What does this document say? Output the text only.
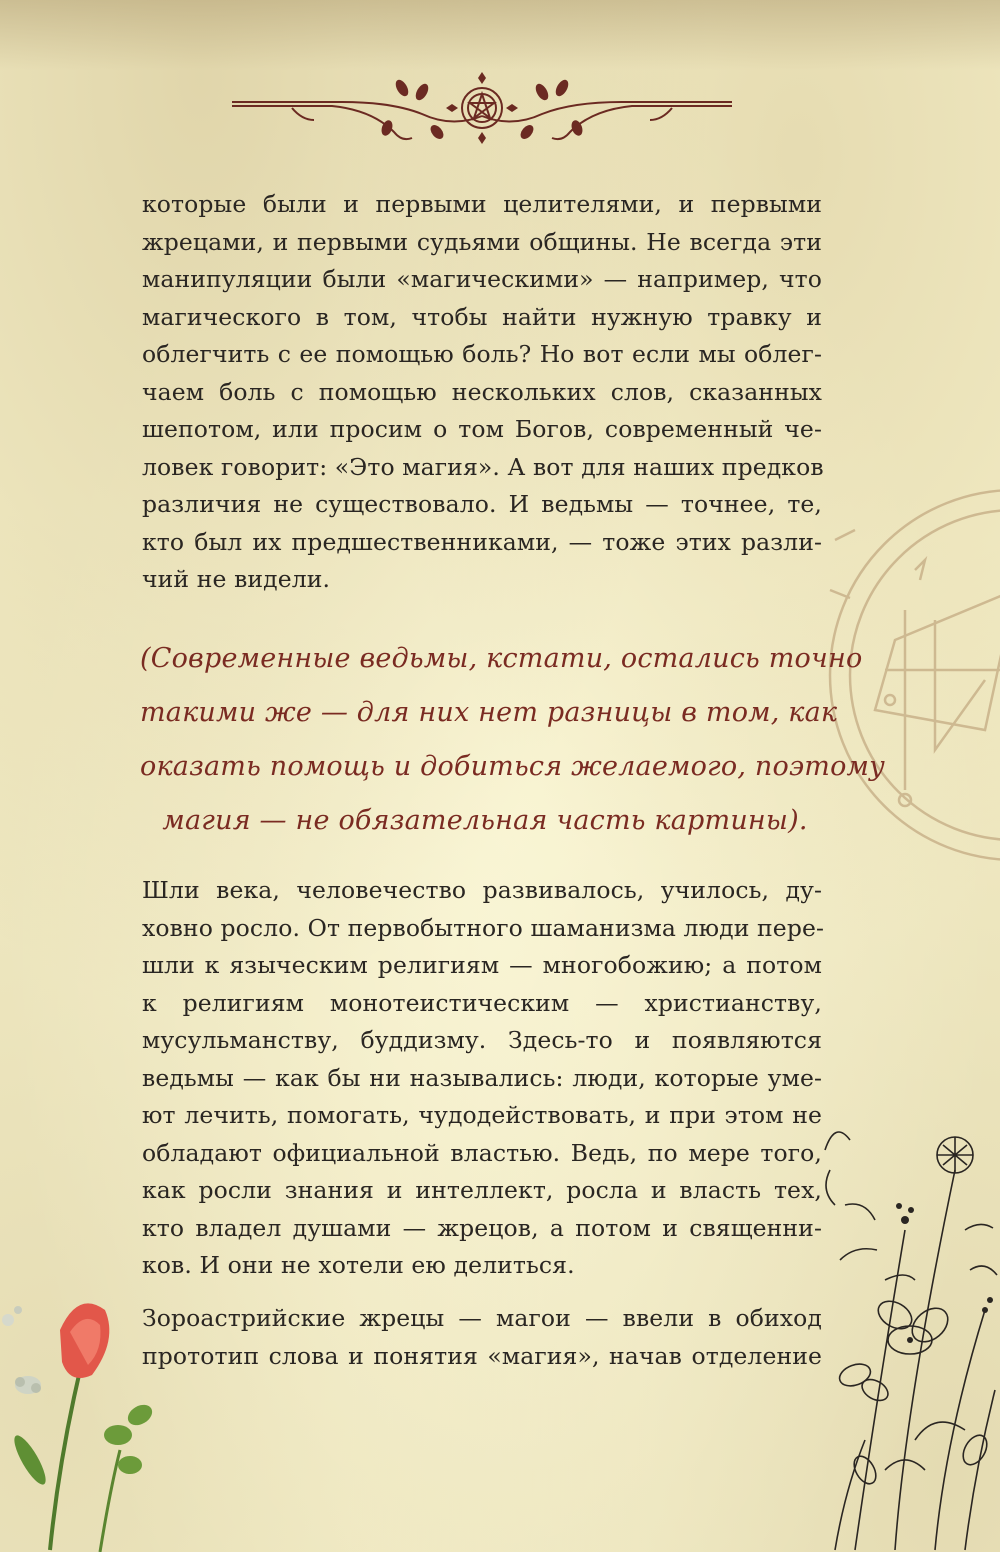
которые были и первыми целителями, и первыми
жрецами, и первыми судьями общины. Не всегда эти
манипуляции были «магическими» — например, что
магического в том, чтобы найти нужную травку и
облегчить с ее помощью боль? Но вот если мы облег-
чаем боль с помощью нескольких слов, сказанных
шепотом, или просим о том Богов, современный че-
ловек говорит: «Это магия». А вот для наших предков
различия не существовало. И ведьмы — точнее, те,
кто был их предшественниками, — тоже этих разли-
чий не видели.

(Современные ведьмы, кстати, остались точно
такими же — для них нет разницы в том, как
оказать помощь и добиться желаемого, поэтому
магия — не обязательная часть картины).

Шли века, человечество развивалось, училось, ду-
ховно росло. От первобытного шаманизма люди пере-
шли к языческим религиям — многобожию; а потом
к религиям монотеистическим — христианству,
мусульманству, буддизму. Здесь-то и появляются
ведьмы — как бы ни назывались: люди, которые уме-
ют лечить, помогать, чудодействовать, и при этом не
обладают официальной властью. Ведь, по мере того,
как росли знания и интеллект, росла и власть тех,
кто владел душами — жрецов, а потом и священни-
ков. И они не хотели ею делиться.

Зороастрийские жрецы — магои — ввели в обиход
прототип слова и понятия «магия», начав отделение
